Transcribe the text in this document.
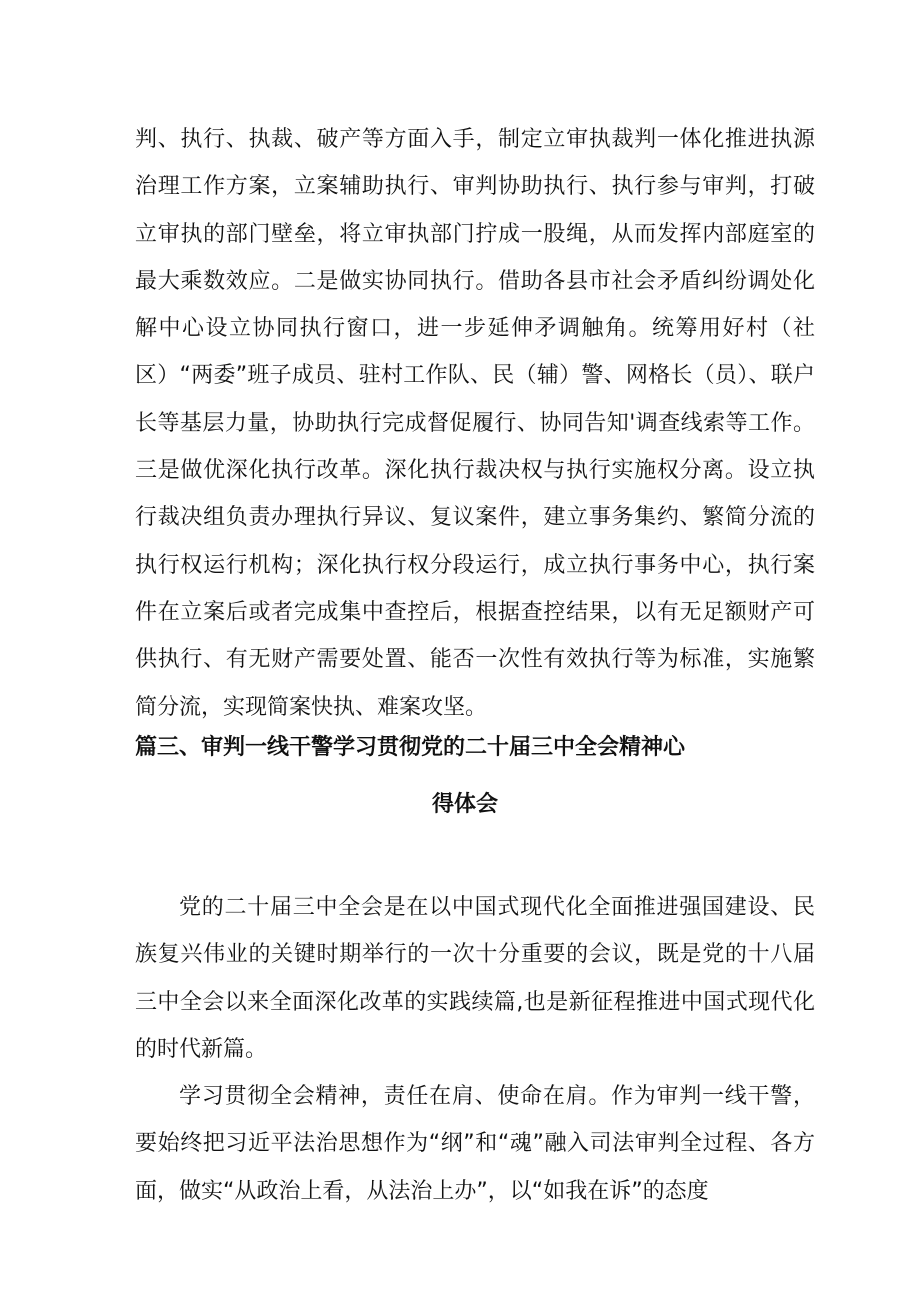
判、执行、执裁、破产等方面入手，制定立审执裁判一体化推进执源治理工作方案，立案辅助执行、审判协助执行、执行参与审判，打破立审执的部门壁垒，将立审执部门拧成一股绳，从而发挥内部庭室的最大乘数效应。二是做实协同执行。借助各县市社会矛盾纠纷调处化解中心设立协同执行窗口，进一步延伸矛调触角。统筹用好村（社区）“两委”班子成员、驻村工作队、民（辅）警、网格长（员）、联户长等基层力量，协助执行完成督促履行、协同告知'调查线索等工作。三是做优深化执行改革。深化执行裁决权与执行实施权分离。设立执行裁决组负责办理执行异议、复议案件，建立事务集约、繁简分流的执行权运行机构；深化执行权分段运行，成立执行事务中心，执行案件在立案后或者完成集中查控后，根据查控结果，以有无足额财产可供执行、有无财产需要处置、能否一次性有效执行等为标准，实施繁简分流，实现简案快执、难案攻坚。

篇三、审判一线干警学习贯彻党的二十届三中全会精神心
得体会

党的二十届三中全会是在以中国式现代化全面推进强国建设、民族复兴伟业的关键时期举行的一次十分重要的会议，既是党的十八届三中全会以来全面深化改革的实践续篇,也是新征程推进中国式现代化的时代新篇。

学习贯彻全会精神，责任在肩、使命在肩。作为审判一线干警，要始终把习近平法治思想作为“纲”和“魂”融入司法审判全过程、各方面，做实“从政治上看，从法治上办”，以“如我在诉”的态度
